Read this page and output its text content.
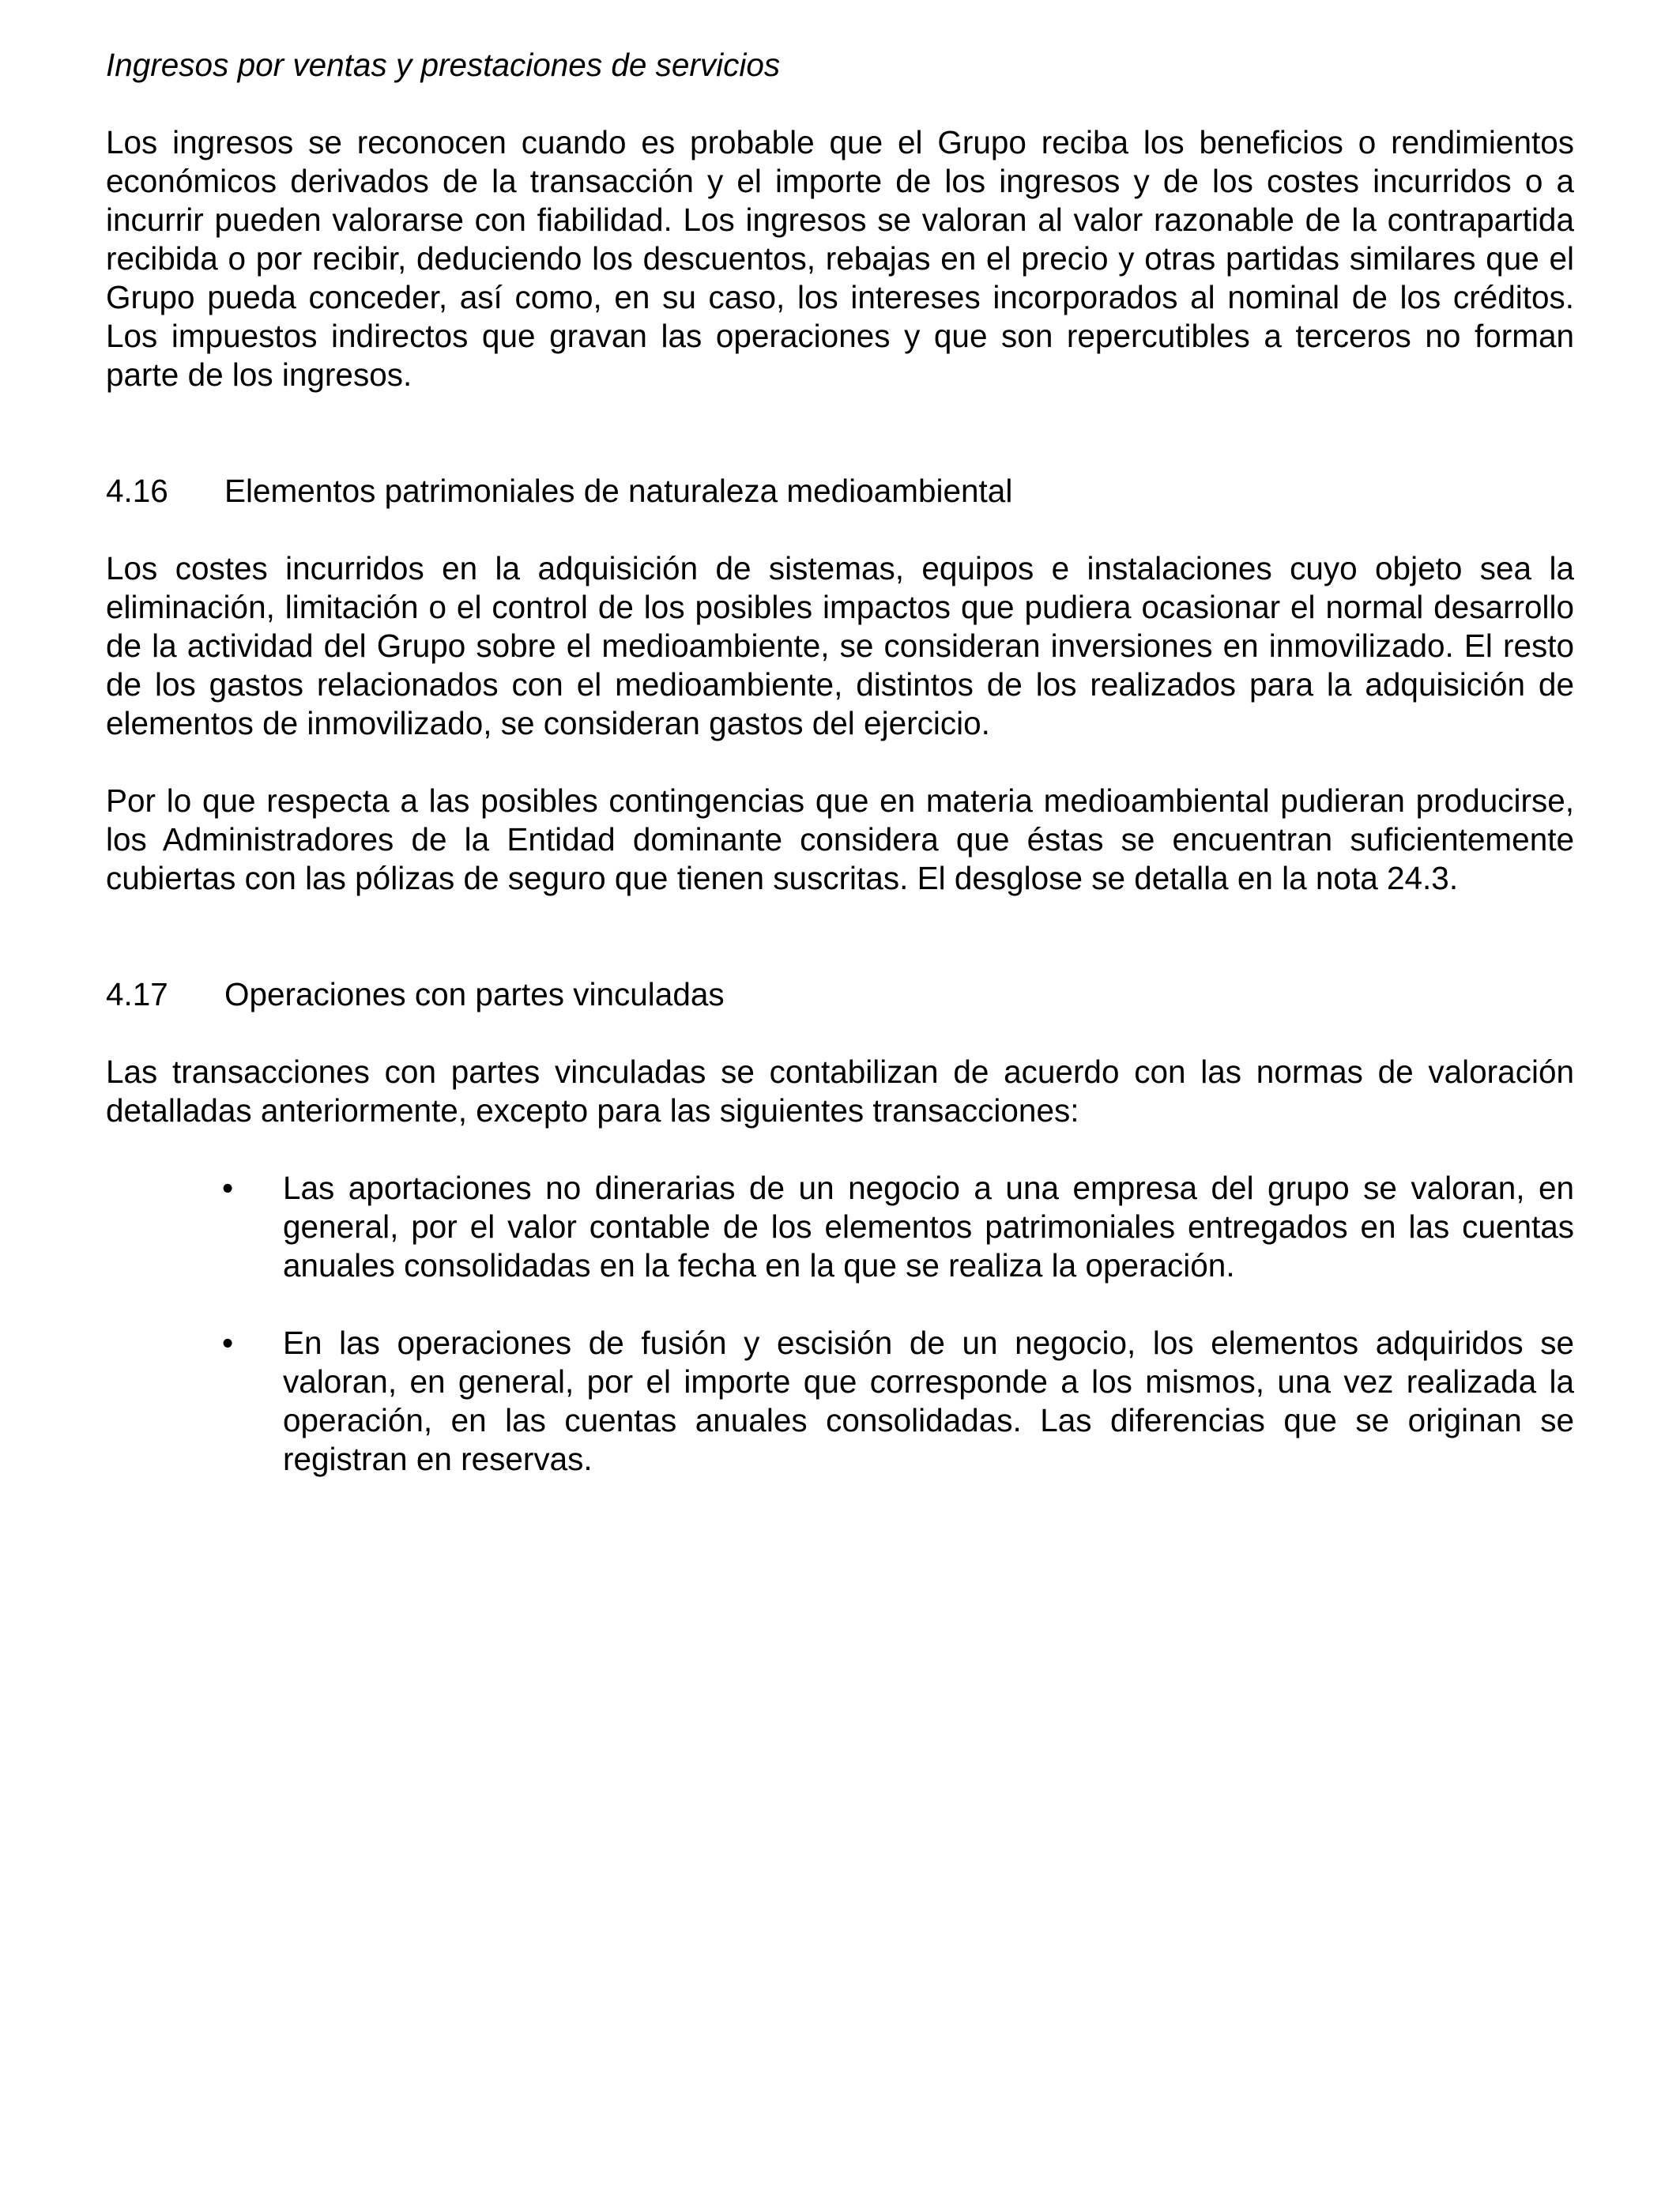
Ingresos por ventas y prestaciones de servicios

Los ingresos se reconocen cuando es probable que el Grupo reciba los beneficios o rendimientos económicos derivados de la transacción y el importe de los ingresos y de los costes incurridos o a incurrir pueden valorarse con fiabilidad. Los ingresos se valoran al valor razonable de la contrapartida recibida o por recibir, deduciendo los descuentos, rebajas en el precio y otras partidas similares que el Grupo pueda conceder, así como, en su caso, los intereses incorporados al nominal de los créditos. Los impuestos indirectos que gravan las operaciones y que son repercutibles a terceros no forman parte de los ingresos.

4.16	Elementos patrimoniales de naturaleza medioambiental

Los costes incurridos en la adquisición de sistemas, equipos e instalaciones cuyo objeto sea la eliminación, limitación o el control de los posibles impactos que pudiera ocasionar el normal desarrollo de la actividad del Grupo sobre el medioambiente, se consideran inversiones en inmovilizado. El resto de los gastos relacionados con el medioambiente, distintos de los realizados para la adquisición de elementos de inmovilizado, se consideran gastos del ejercicio.

Por lo que respecta a las posibles contingencias que en materia medioambiental pudieran producirse, los Administradores de la Entidad dominante considera que éstas se encuentran suficientemente cubiertas con las pólizas de seguro que tienen suscritas. El desglose se detalla en la nota 24.3.

4.17	Operaciones con partes vinculadas

Las transacciones con partes vinculadas se contabilizan de acuerdo con las normas de valoración detalladas anteriormente, excepto para las siguientes transacciones:

•	Las aportaciones no dinerarias de un negocio a una empresa del grupo se valoran, en general, por el valor contable de los elementos patrimoniales entregados en las cuentas anuales consolidadas en la fecha en la que se realiza la operación.
•	En las operaciones de fusión y escisión de un negocio, los elementos adquiridos se valoran, en general, por el importe que corresponde a los mismos, una vez realizada la operación, en las cuentas anuales consolidadas. Las diferencias que se originan se registran en reservas.
